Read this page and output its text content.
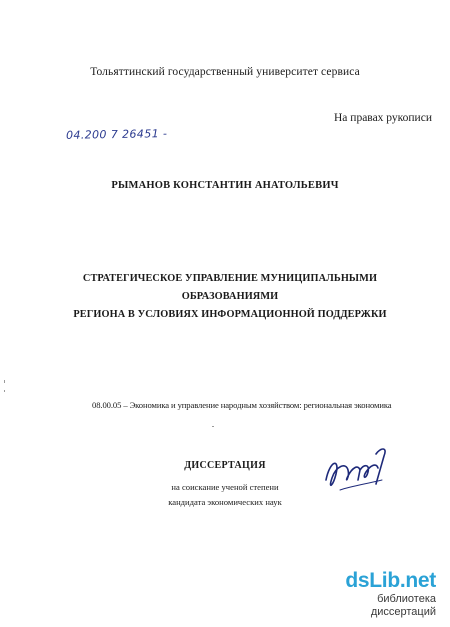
Тольяттинский государственный университет сервиса
На правах рукописи
04.200 7 26451 -
РЫМАНОВ КОНСТАНТИН АНАТОЛЬЕВИЧ
СТРАТЕГИЧЕСКОЕ УПРАВЛЕНИЕ МУНИЦИПАЛЬНЫМИ ОБРАЗОВАНИЯМИ
РЕГИОНА В УСЛОВИЯХ ИНФОРМАЦИОННОЙ ПОДДЕРЖКИ
08.00.05 – Экономика и управление народным хозяйством: региональная экономика
ДИССЕРТАЦИЯ
на соискание ученой степени
кандидата экономических наук
dsLib.net
библиотека диссертаций
